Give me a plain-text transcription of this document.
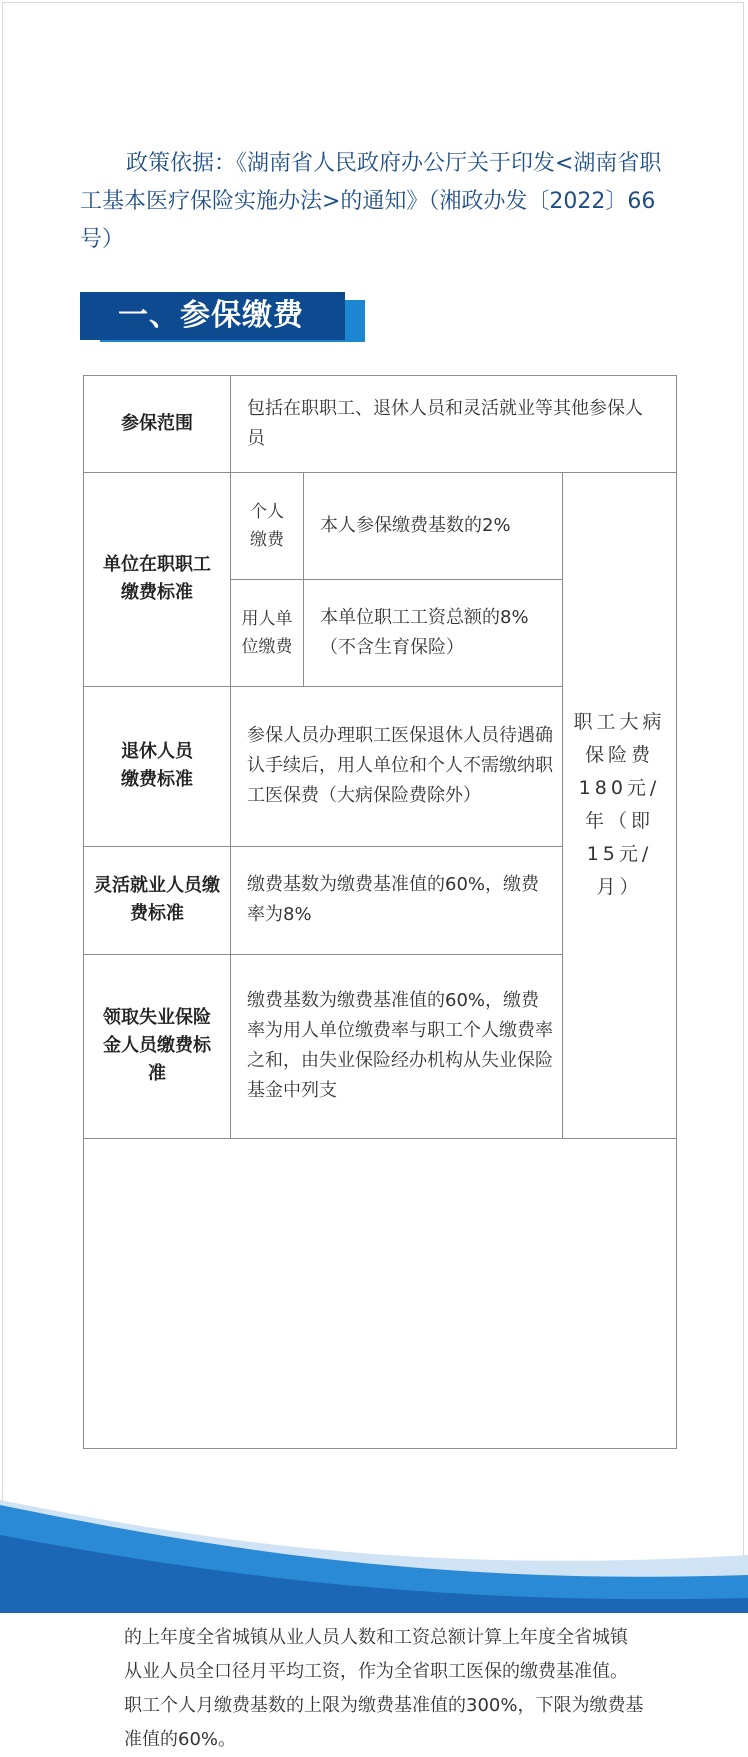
政策依据：《湖南省人民政府办公厅关于印发<湖南省职工基本医疗保险实施办法>的通知》（湘政办发〔2022〕66号）

一、参保缴费
参保范围
包括在职职工、退休人员和灵活就业等其他参保人员
单位在职职工缴费标准
个人缴费
本人参保缴费基数的2%
用人单位缴费
本单位职工工资总额的8%（不含生育保险）
退休人员缴费标准
参保人员办理职工医保退休人员待遇确认手续后，用人单位和个人不需缴纳职工医保费（大病保险费除外）
灵活就业人员缴费标准
缴费基数为缴费基准值的60%，缴费率为8%
领取失业保险金人员缴费标准
缴费基数为缴费基准值的60%，缴费率为用人单位缴费率与职工个人缴费率之和，由失业保险经办机构从失业保险基金中列支
职工大病保险费180元/年（即15元/月）
的上年度全省城镇从业人员人数和工资总额计算上年度全省城镇从业人员全口径月平均工资，作为全省职工医保的缴费基准值。职工个人月缴费基数的上限为缴费基准值的300%，下限为缴费基准值的60%。
